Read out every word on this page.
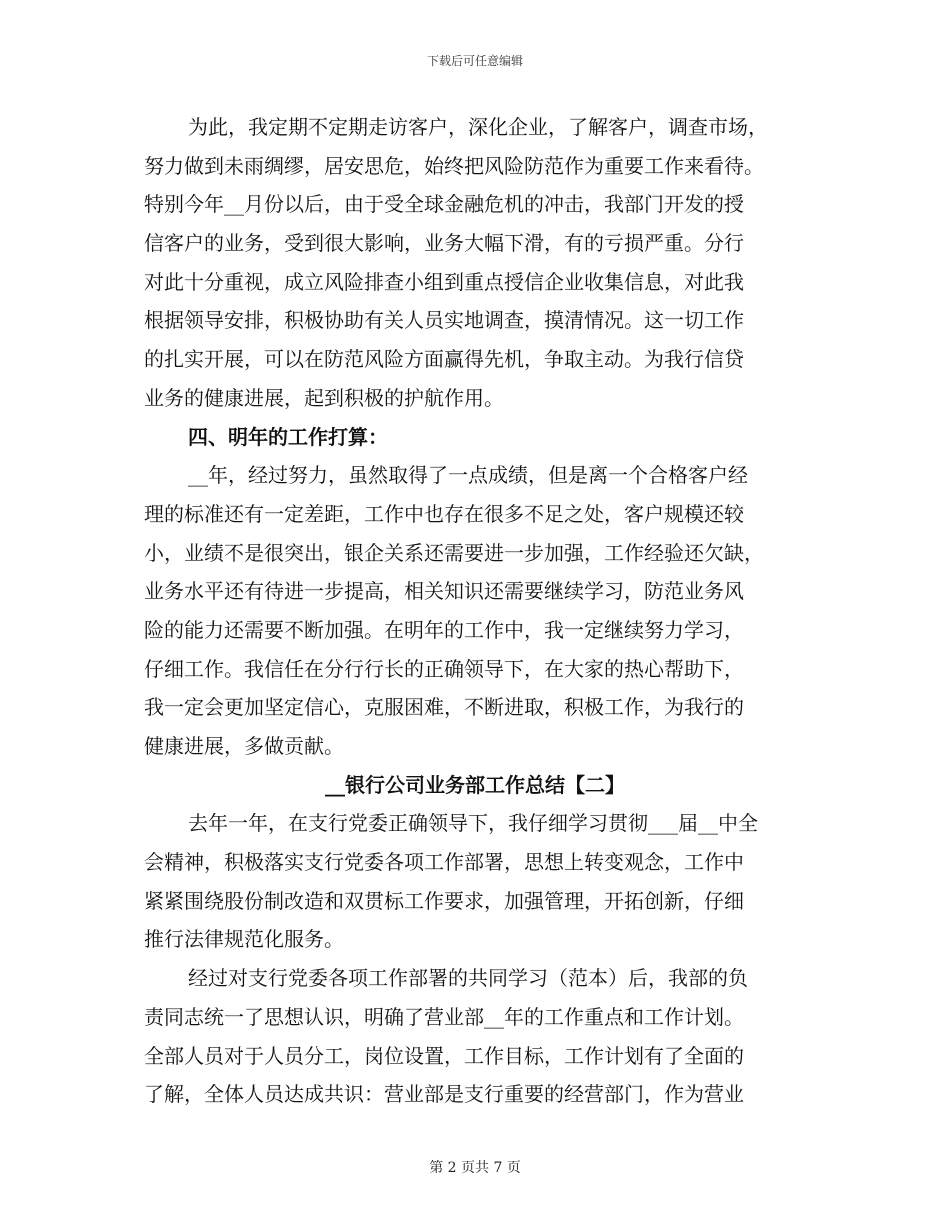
下载后可任意编辑
为此，我定期不定期走访客户，深化企业，了解客户，调查市场，
努力做到未雨绸缪，居安思危，始终把风险防范作为重要工作来看待。
特别今年__月份以后，由于受全球金融危机的冲击，我部门开发的授
信客户的业务，受到很大影响，业务大幅下滑，有的亏损严重。分行
对此十分重视，成立风险排查小组到重点授信企业收集信息，对此我
根据领导安排，积极协助有关人员实地调查，摸清情况。这一切工作
的扎实开展，可以在防范风险方面赢得先机，争取主动。为我行信贷
业务的健康进展，起到积极的护航作用。
四、明年的工作打算：
__年，经过努力，虽然取得了一点成绩，但是离一个合格客户经
理的标准还有一定差距，工作中也存在很多不足之处，客户规模还较
小，业绩不是很突出，银企关系还需要进一步加强，工作经验还欠缺，
业务水平还有待进一步提高，相关知识还需要继续学习，防范业务风
险的能力还需要不断加强。在明年的工作中，我一定继续努力学习，
仔细工作。我信任在分行行长的正确领导下，在大家的热心帮助下，
我一定会更加坚定信心，克服困难，不断进取，积极工作，为我行的
健康进展，多做贡献。
__银行公司业务部工作总结【二】
去年一年，在支行党委正确领导下，我仔细学习贯彻___届__中全
会精神，积极落实支行党委各项工作部署，思想上转变观念，工作中
紧紧围绕股份制改造和双贯标工作要求，加强管理，开拓创新，仔细
推行法律规范化服务。
经过对支行党委各项工作部署的共同学习（范本）后，我部的负
责同志统一了思想认识，明确了营业部__年的工作重点和工作计划。
全部人员对于人员分工，岗位设置，工作目标，工作计划有了全面的
了解，全体人员达成共识：营业部是支行重要的经营部门，作为营业
第 2 页共 7 页
